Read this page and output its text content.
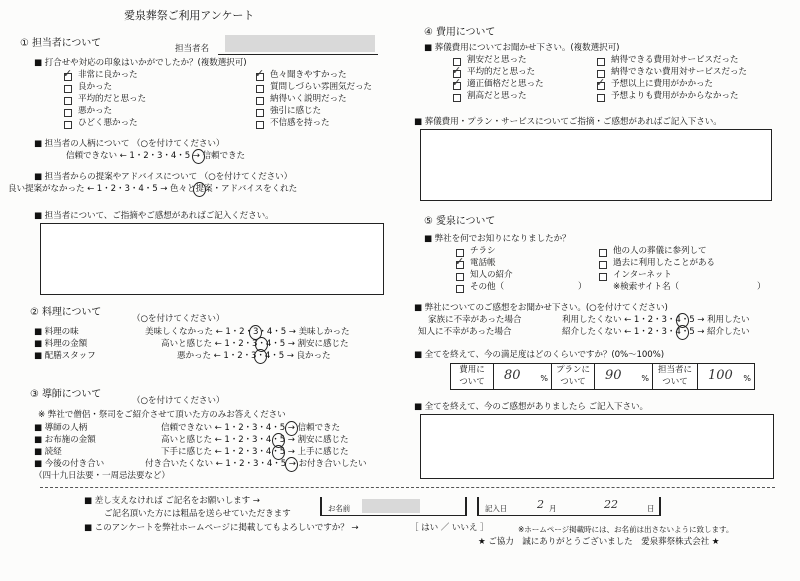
愛泉葬祭ご利用アンケート
① 担当者について	担当者名
■ 打合せや対応の印象はいかがでしたか？(複数選択可)
非常に良かった
良かった
平均的だと思った
悪かった
ひどく悪かった
色々聞きやすかった
質問しづらい雰囲気だった
納得いく説明だった
強引に感じた
不信感を持った
✓	✓
■ 担当者の人柄について （○を付けてください）
信頼できない ← 1・2・3・4・5 → 信頼できた
■ 担当者からの提案やアドバイスについて （○を付けてください）
良い提案がなかった ← 1・2・3・4・5 → 色々と提案・アドバイスをくれた
■ 担当者について、ご指摘やご感想があればご記入ください。
② 料理について
（○を付けてください）
■ 料理の味	美味しくなかった ← 1・2・3・4・5 → 美味しかった
■ 料理の金額	高いと感じた ← 1・2・3・4・5 → 割安に感じた
■ 配膳スタッフ	悪かった ← 1・2・3・4・5 → 良かった
③ 導師について
（○を付けてください）
※ 弊社で僧侶・祭司をご紹介させて頂いた方のみお答えください
■ 導師の人柄	信頼できない ← 1・2・3・4・5 → 信頼できた
■ お布施の金額	高いと感じた ← 1・2・3・4・5 → 割安に感じた
■ 読経	下手に感じた ← 1・2・3・4・5 → 上手に感じた
■ 今後の付き合い	付き合いたくない ← 1・2・3・4・5 → お付き合いしたい
（四十九日法要・一周忌法要など）
④ 費用について
■ 葬儀費用についてお聞かせ下さい。(複数選択可)
割安だと思った
平均的だと思った
適正価格だと思った
割高だと思った
納得できる費用対サービスだった
納得できない費用対サービスだった
予想以上に費用がかかった
予想よりも費用がかからなかった
✓
✓	✓
■ 葬儀費用・プラン・サービスについてご指摘・ご感想があればご記入下さい。
⑤ 愛泉について
■ 弊社を何でお知りになりましたか？
チラシ
電話帳
知人の紹介
その他（	）
他の人の葬儀に参列して
過去に利用したことがある
インターネット
※検索サイト名（	）
✓
■ 弊社についてのご感想をお聞かせ下さい。(○を付けてください)
家族に不幸があった場合	利用したくない ← 1・2・3・4・5 → 利用したい
知人に不幸があった場合	紹介したくない ← 1・2・3・4・5 → 紹介したい
■ 全てを終えて、今の満足度はどのくらいですか？(0%〜100%)
費用に
ついて	80 %
プランに
ついて	90 %
担当者に
ついて	100 %
■ 全てを終えて、今のご感想がありましたら ご記入下さい。
■ 差し支えなければ ご記名をお願いします →
ご記名頂いた方には粗品を送らせていただきます
お名前	記入日	2 月	22	日
■ このアンケートを弊社ホームページに掲載してもよろしいですか？ →	［ はい ／ いいえ ］	※ホームページ掲載時には、お名前は出さないように致します。
★ ご協力　誠にありがとうございました　愛泉葬祭株式会社 ★
